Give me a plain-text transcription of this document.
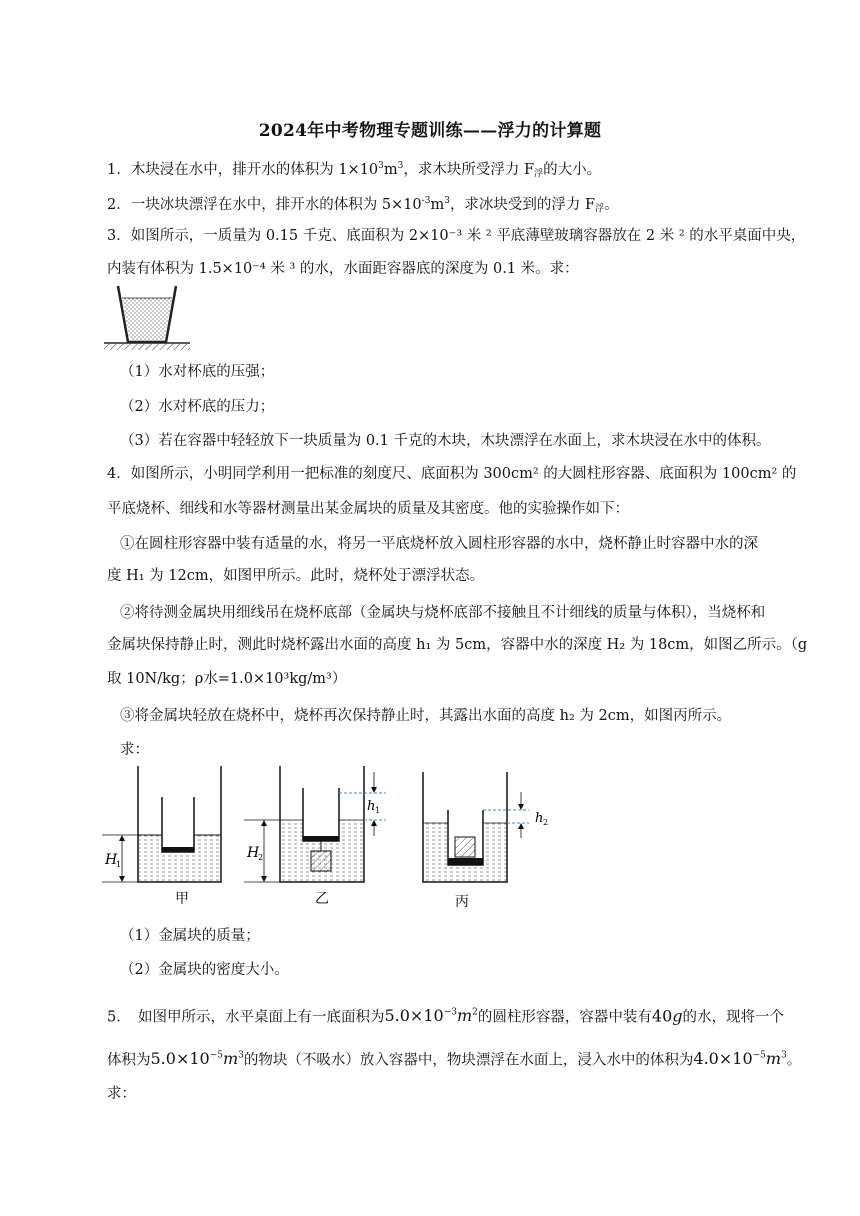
2024年中考物理专题训练——浮力的计算题
1．木块浸在水中，排开水的体积为 $1\times 10^3m^3$，求木块所受浮力 F浮的大小。
2．一块冰块漂浮在水中，排开水的体积为 $5\times 10^{-3}m^3$，求冰块受到的浮力 F浮。
3．如图所示，一质量为 0.15 千克、底面积为 2×10⁻³ 米 ² 平底薄壁玻璃容器放在 2 米 ² 的水平桌面中央，
内装有体积为 1.5×10⁻⁴ 米 ³ 的水，水面距容器底的深度为 0.1 米。求：
（1）水对杯底的压强；
（2）水对杯底的压力；
（3）若在容器中轻轻放下一块质量为 0.1 千克的木块，木块漂浮在水面上，求木块浸在水中的体积。
4．如图所示，小明同学利用一把标准的刻度尺、底面积为 300cm² 的大圆柱形容器、底面积为 100cm² 的
平底烧杯、细线和水等器材测量出某金属块的质量及其密度。他的实验操作如下：
①在圆柱形容器中装有适量的水，将另一平底烧杯放入圆柱形容器的水中，烧杯静止时容器中水的深
度 H₁ 为 12cm，如图甲所示。此时，烧杯处于漂浮状态。
②将待测金属块用细线吊在烧杯底部（金属块与烧杯底部不接触且不计细线的质量与体积），当烧杯和
金属块保持静止时，测此时烧杯露出水面的高度 h₁ 为 5cm，容器中水的深度 H₂ 为 18cm，如图乙所示。（g
取 10N/kg；ρ水=1.0×10³kg/m³）
③将金属块轻放在烧杯中，烧杯再次保持静止时，其露出水面的高度 h₂ 为 2cm，如图丙所示。
求：
H
1
甲
H
2
h 1
乙
h 2
丙
（1）金属块的质量；
（2）金属块的密度大小。
5．　如图甲所示，水平桌面上有一底面积为$5.0\times 10^{-3}m^2$的圆柱形容器，容器中装有40g的水，现将一个
体积为$5.0\times 10^{-5}m^3$的物块（不吸水）放入容器中，物块漂浮在水面上，浸入水中的体积为$4.0\times 10^{-5}m^3$。
求：
